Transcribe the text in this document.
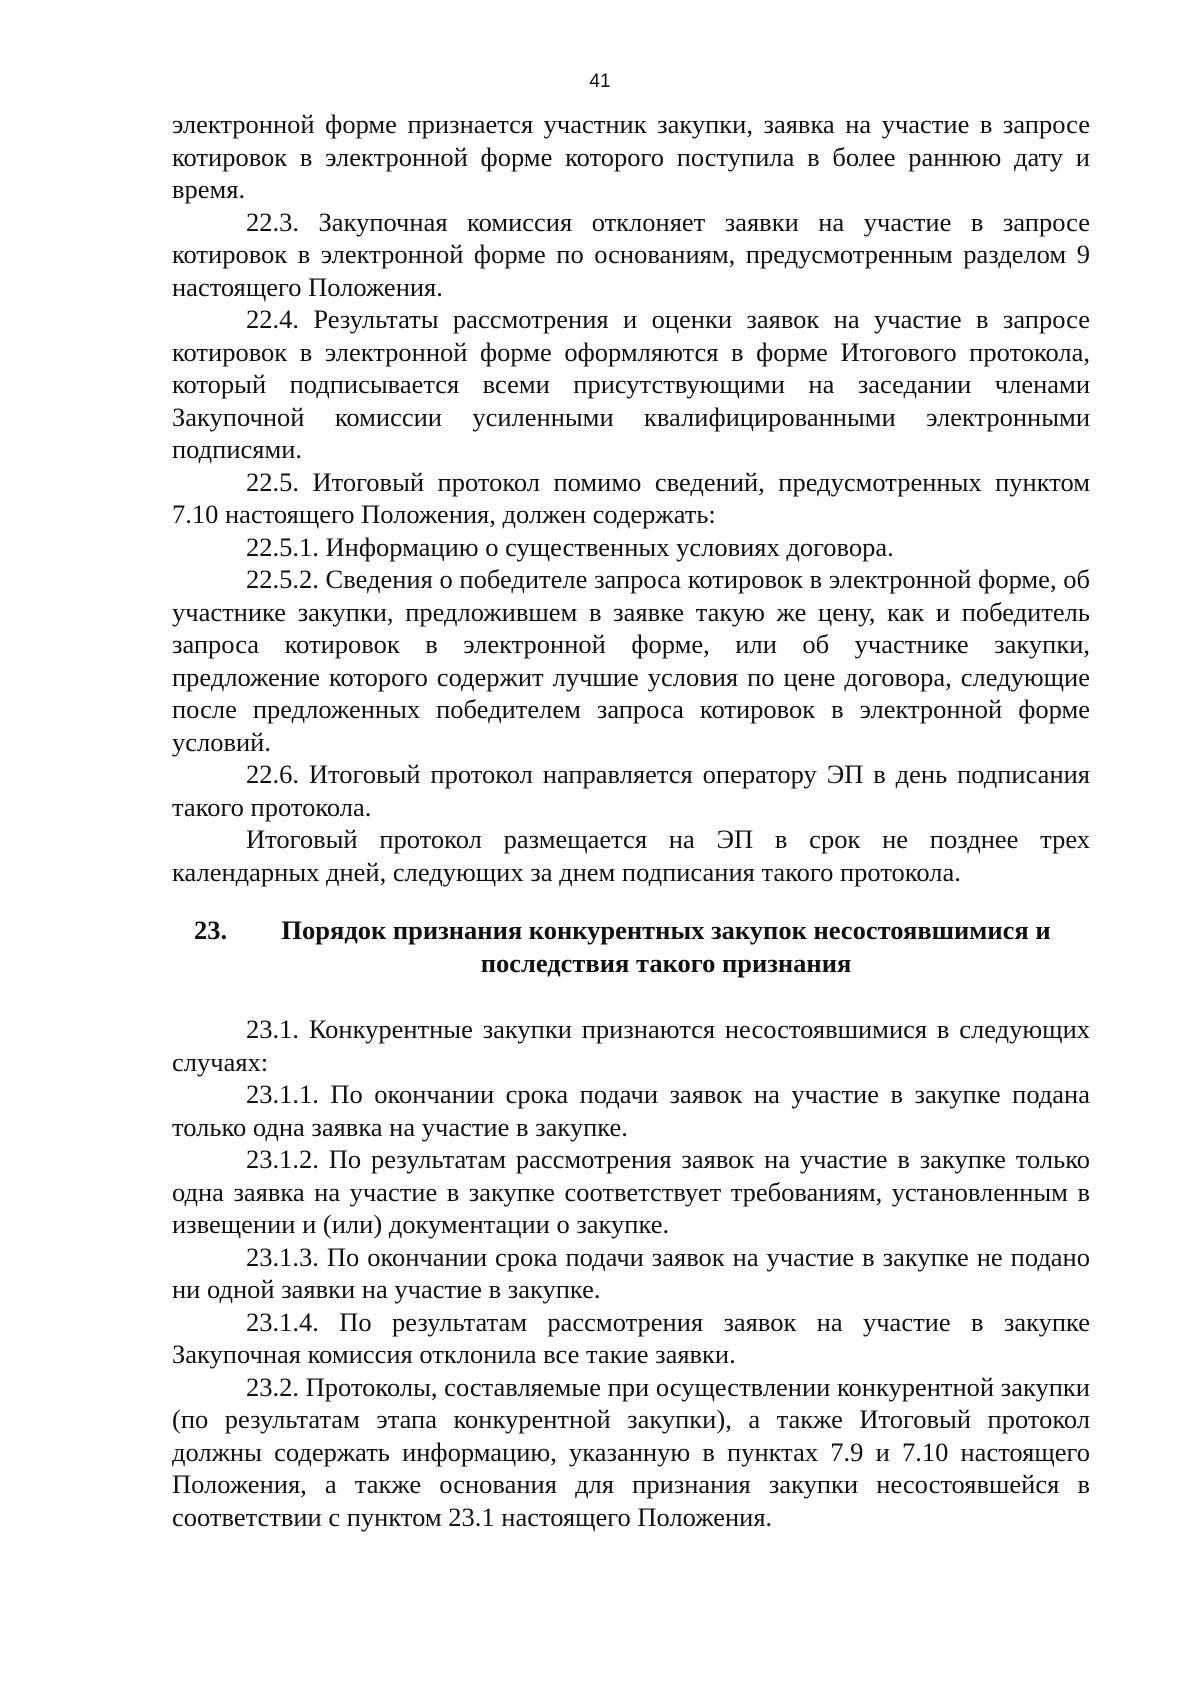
41

электронной форме признается участник закупки, заявка на участие в запросе котировок в электронной форме которого поступила в более раннюю дату и время.

22.3. Закупочная комиссия отклоняет заявки на участие в запросе котировок в электронной форме по основаниям, предусмотренным разделом 9 настоящего Положения.

22.4. Результаты рассмотрения и оценки заявок на участие в запросе котировок в электронной форме оформляются в форме Итогового протокола, который подписывается всеми присутствующими на заседании членами Закупочной комиссии усиленными квалифицированными электронными подписями.

22.5. Итоговый протокол помимо сведений, предусмотренных пунктом 7.10 настоящего Положения, должен содержать:

22.5.1. Информацию о существенных условиях договора.

22.5.2. Сведения о победителе запроса котировок в электронной форме, об участнике закупки, предложившем в заявке такую же цену, как и победитель запроса котировок в электронной форме, или об участнике закупки, предложение которого содержит лучшие условия по цене договора, следующие после предложенных победителем запроса котировок в электронной форме условий.

22.6. Итоговый протокол направляется оператору ЭП в день подписания такого протокола.

Итоговый протокол размещается на ЭП в срок не позднее трех календарных дней, следующих за днем подписания такого протокола.

23.	Порядок признания конкурентных закупок несостоявшимися и последствия такого признания

23.1. Конкурентные закупки признаются несостоявшимися в следующих случаях:

23.1.1. По окончании срока подачи заявок на участие в закупке подана только одна заявка на участие в закупке.

23.1.2. По результатам рассмотрения заявок на участие в закупке только одна заявка на участие в закупке соответствует требованиям, установленным в извещении и (или) документации о закупке.

23.1.3. По окончании срока подачи заявок на участие в закупке не подано ни одной заявки на участие в закупке.

23.1.4. По результатам рассмотрения заявок на участие в закупке Закупочная комиссия отклонила все такие заявки.

23.2. Протоколы, составляемые при осуществлении конкурентной закупки (по результатам этапа конкурентной закупки), а также Итоговый протокол должны содержать информацию, указанную в пунктах 7.9 и 7.10 настоящего Положения, а также основания для признания закупки несостоявшейся в соответствии с пунктом 23.1 настоящего Положения.
